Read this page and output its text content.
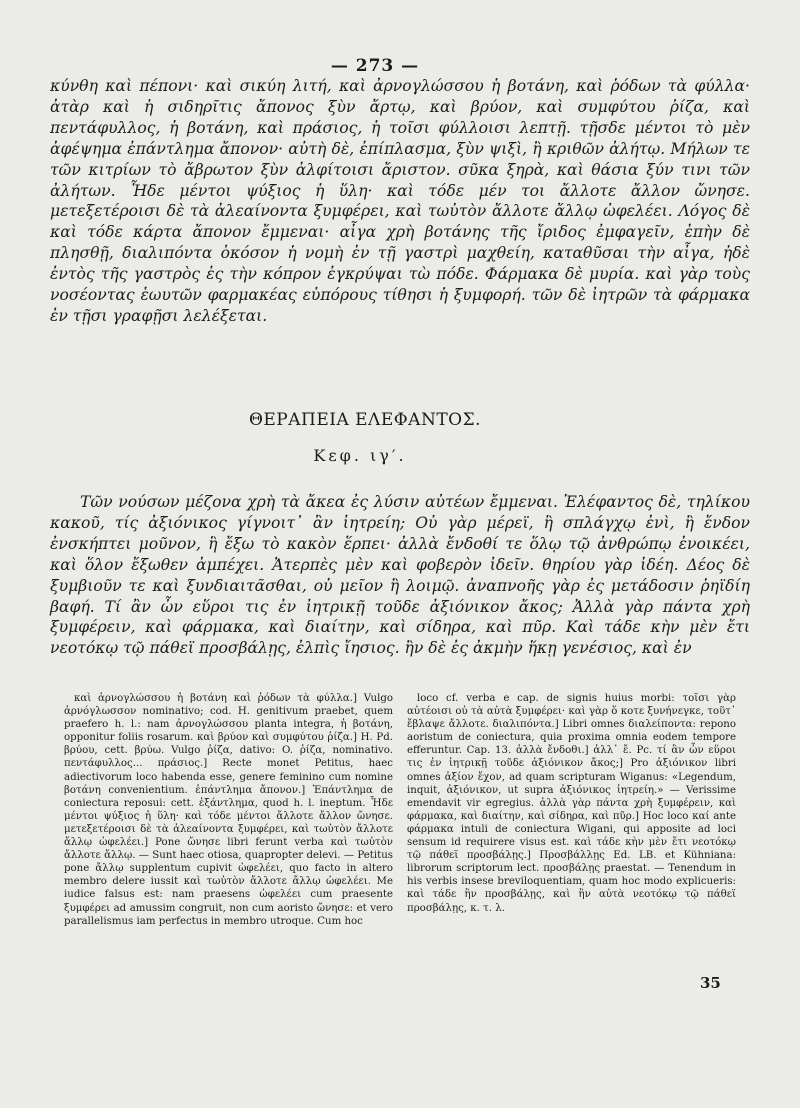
— 273 —

κύνθη καὶ πέπονι· καὶ σικύη λιτή, καὶ ἀρνογλώσσου ἡ βοτάνη, καὶ ῥόδων τὰ φύλλα· ἀτὰρ καὶ ἡ σιδηρῖτις ἄπονος ξὺν ἄρτῳ, καὶ βρύον, καὶ συμφύτου ῥίζα, καὶ πεντάφυλλος, ἡ βοτάνη, καὶ πράσιος, ἡ τοῖσι φύλλοισι λεπτῇ. τῇσδε μέντοι τὸ μὲν ἀφέψημα ἐπάντλημα ἄπονον· αὐτὴ δὲ, ἐπίπλασμα, ξὺν ψιξὶ, ἢ κριθῶν ἀλήτῳ. Μήλων τε τῶν κιτρίων τὸ ἄβρωτον ξὺν ἀλφίτοισι ἄριστον. σῦκα ξηρὰ, καὶ θάσια ξύν τινι τῶν ἀλήτων. Ἧδε μέντοι ψύξιος ἡ ὕλη· καὶ τόδε μέν τοι ἄλλοτε ἄλλον ὤνησε. μετεξετέροισι δὲ τὰ ἀλεαίνοντα ξυμφέρει, καὶ τωὐτὸν ἄλλοτε ἄλλῳ ὠφελέει. Λόγος δὲ καὶ τόδε κάρτα ἄπονον ἔμμεναι· αἶγα χρὴ βοτάνης τῆς ἴριδος ἐμφαγεῖν, ἐπὴν δὲ πλησθῇ, διαλιπόντα ὁκόσον ἡ νομὴ ἐν τῇ γαστρὶ μαχθείη, καταθῦσαι τὴν αἶγα, ἠδὲ ἐντὸς τῆς γαστρὸς ἐς τὴν κόπρον ἐγκρύψαι τὼ πόδε. Φάρμακα δὲ μυρία. καὶ γὰρ τοὺς νοσέοντας ἑωυτῶν φαρμακέας εὐπόρους τίθησι ἡ ξυμφορή. τῶν δὲ ἰητρῶν τὰ φάρμακα ἐν τῇσι γραφῇσι λελέξεται.

ΘΕΡΑΠΕΙΑ ΕΛΕΦΑΝΤΟΣ.
Κεφ. ιγ′.

Τῶν νούσων μέζονα χρὴ τὰ ἄκεα ἐς λύσιν αὐτέων ἔμμεναι. Ἐλέφαντος δὲ, τηλίκου κακοῦ, τίς ἀξιόνικος γίγνοιτ᾽ ἂν ἰητρείη; Οὐ γὰρ μέρεϊ, ἢ σπλάγχῳ ἐνὶ, ἢ ἔνδον ἐνσκήπτει μοῦνον, ἢ ἔξω τὸ κακὸν ἕρπει· ἀλλὰ ἔνδοθί τε ὅλῳ τῷ ἀνθρώπῳ ἐνοικέει, καὶ ὅλον ἔξωθεν ἀμπέχει. Ἀτερπὲς μὲν καὶ φοβερὸν ἰδεῖν. θηρίου γὰρ ἰδέη. Δέος δὲ ξυμβιοῦν τε καὶ ξυνδιαιτᾶσθαι, οὐ μεῖον ἢ λοιμῷ. ἀναπνοῆς γὰρ ἐς μετάδοσιν ῥηϊδίη βαφή. Τί ἂν ὦν εὕροι τις ἐν ἰητρικῇ τοῦδε ἀξιόνικον ἄκος; Ἀλλὰ γὰρ πάντα χρὴ ξυμφέρειν, καὶ φάρμακα, καὶ διαίτην, καὶ σίδηρα, καὶ πῦρ. Καὶ τάδε κὴν μὲν ἔτι νεοτόκῳ τῷ πάθεϊ προσβάλῃς, ἐλπὶς ἴησιος. ἢν δὲ ἐς ἀκμὴν ἥκῃ γενέσιος, καὶ ἐν

καὶ ἀρνογλώσσου ἡ βοτάνη καὶ ῥόδων τὰ φύλλα.] Vulgo ἀρνόγλωσσον nominativo; cod. H. genitivum praebet, quem praefero h. l.: nam ἀρνογλώσσου planta integra, ἡ βοτάνη, opponitur foliis rosarum. καὶ βρύον καὶ συμφύτου ῥίζα.] H. Pd. βρύου, cett. βρύω. Vulgo ῥίζα, dativo: O. ῥίζα, nominativo. πεντάφυλλος... πράσιος.] Recte monet Petitus, haec adiectivorum loco habenda esse, genere feminino cum nomine βοτάνη convenientium. ἐπάντλημα ἄπονον.] Ἐπάντλημα de coniectura reposui: cett. ἐξάντλημα, quod h. l. ineptum. Ἧδε μέντοι ψύξιος ἡ ὕλη· καὶ τόδε μέντοι ἄλλοτε ἄλλον ὤνησε. μετεξετέροισι δὲ τὰ ἀλεαίνοντα ξυμφέρει, καὶ τωὐτὸν ἄλλοτε ἄλλῳ ὠφελέει.] Pone ὤνησε libri ferunt verba καὶ τωὐτὸν ἄλλοτε ἄλλῳ. — Sunt haec otiosa, quapropter delevi. — Petitus pone ἄλλῳ supplentum cupivit ὠφελέει, quo facto in altero membro delere iussit καὶ τωὐτὸν ἄλλοτε ἄλλῳ ὠφελέει. Me iudice falsus est: nam praesens ὠφελέει cum praesente ξυμφέρει ad amussim congruit, non cum aoristo ὤνησε: et vero parallelismus iam perfectus in membro utroque. Cum hoc

loco cf. verba e cap. de signis huius morbi: τοῖσι γὰρ αὐτέοισι οὐ τὰ αὐτὰ ξυμφέρει· καὶ γὰρ ὅ κοτε ξυνήνεγκε, τοῦτ᾽ ἔβλαψε ἄλλοτε. διαλιπόντα.] Libri omnes διαλείποντα: repono aoristum de coniectura, quia proxima omnia eodem tempore efferuntur. Cap. 13. ἀλλὰ ἔνδοθι.] ἀλλ᾽ ἔ. Pc. τί ἂν ὦν εὕροι τις ἐν ἰητρικῇ τοῦδε ἀξιόνικον ἄκος;] Pro ἀξιόνικον libri omnes ἀξίον ἔχον, ad quam scripturam Wiganus: «Legendum, inquit, ἀξιόνικον, ut supra ἀξιόνικος ἰητρείη.» — Verissime emendavit vir egregius. ἀλλὰ γὰρ πάντα χρὴ ξυμφέρειν, καὶ φάρμακα, καὶ διαίτην, καὶ σίδηρα, καὶ πῦρ.] Hoc loco καί ante φάρμακα intuli de coniectura Wigani, qui apposite ad loci sensum id requirere visus est. καὶ τάδε κὴν μὲν ἔτι νεοτόκῳ τῷ πάθεϊ προσβάλῃς.] Προσβάλλῃς Ed. LB. et Kühniana: librorum scriptorum lect. προσβάλῃς praestat. — Tenendum in his verbis insese breviloquentiam, quam hoc modo explicueris: καὶ τάδε ἢν προσβάλῃς, καὶ ἢν αὐτὰ νεοτόκῳ τῷ πάθεϊ προσβάλῃς, κ. τ. λ.

35
